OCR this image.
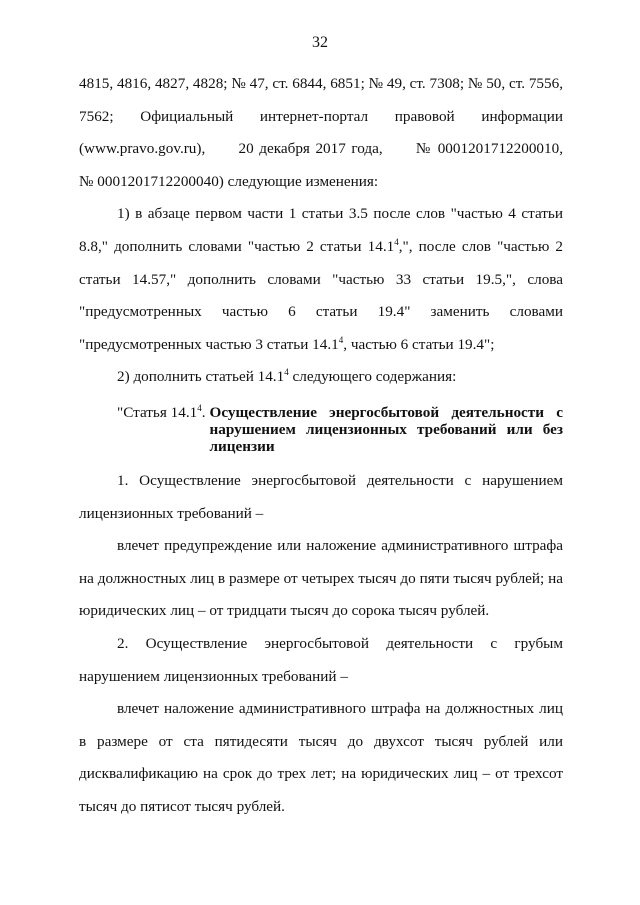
32

4815, 4816, 4827, 4828; № 47, ст. 6844, 6851; № 49, ст. 7308; № 50, ст. 7556,

7562;      Официальный      интернет-портал      правовой      информации

(www.pravo.gov.ru),      20 декабря 2017 года,      № 0001201712200010,

№ 0001201712200040) следующие изменения:

1) в абзаце первом части 1 статьи 3.5 после слов "частью 4 статьи 8.8," дополнить словами "частью 2 статьи 14.1$^4$,", после слов "частью 2 статьи 14.57," дополнить словами "частью 33 статьи 19.5,", слова "предусмотренных частью 6 статьи 19.4" заменить словами "предусмотренных частью 3 статьи 14.1$^4$, частью 6 статьи 19.4";

2) дополнить статьей 14.1$^4$ следующего содержания:

"Статья 14.1$^4$. Осуществление энергосбытовой деятельности с нарушением лицензионных требований или без лицензии

1. Осуществление энергосбытовой деятельности с нарушением лицензионных требований –

влечет предупреждение или наложение административного штрафа на должностных лиц в размере от четырех тысяч до пяти тысяч рублей; на юридических лиц – от тридцати тысяч до сорока тысяч рублей.

2. Осуществление энергосбытовой деятельности с грубым нарушением лицензионных требований –

влечет наложение административного штрафа на должностных лиц в размере от ста пятидесяти тысяч до двухсот тысяч рублей или дисквалификацию на срок до трех лет; на юридических лиц – от трехсот тысяч до пятисот тысяч рублей.
